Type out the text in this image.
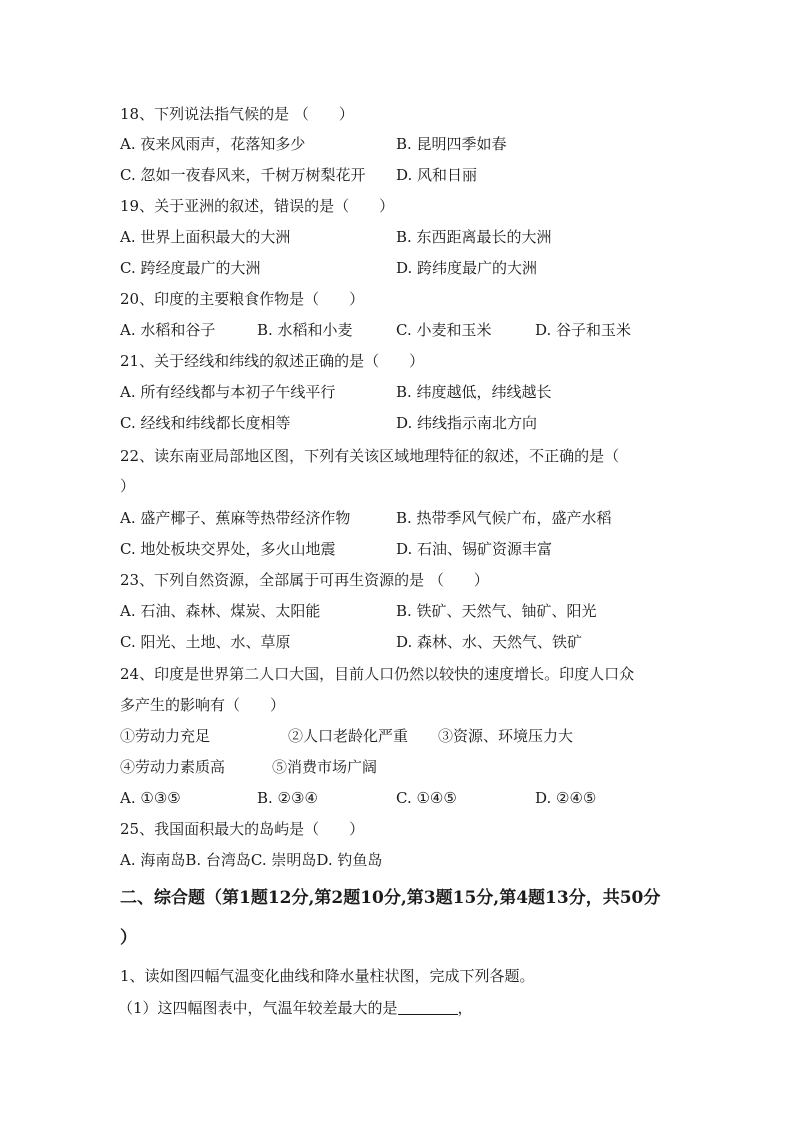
18、下列说法指气候的是 （　　）
A. 夜来风雨声，花落知多少	B. 昆明四季如春
C. 忽如一夜春风来，千树万树梨花开 D. 风和日丽
19、关于亚洲的叙述，错误的是（　　）
A. 世界上面积最大的大洲	B. 东西距离最长的大洲
C. 跨经度最广的大洲	D. 跨纬度最广的大洲
20、印度的主要粮食作物是（　　）
A. 水稻和谷子	B. 水稻和小麦	C. 小麦和玉米	D. 谷子和玉米
21、关于经线和纬线的叙述正确的是（　　）
A. 所有经线都与本初子午线平行	B. 纬度越低，纬线越长
C. 经线和纬线都长度相等	D. 纬线指示南北方向
22、读东南亚局部地区图，下列有关该区域地理特征的叙述，不正确的是（
）
A. 盛产椰子、蕉麻等热带经济作物	B. 热带季风气候广布，盛产水稻
C. 地处板块交界处，多火山地震	D. 石油、锡矿资源丰富
23、下列自然资源，全部属于可再生资源的是 （　　）
A. 石油、森林、煤炭、太阳能	B. 铁矿、天然气、铀矿、阳光
C. 阳光、土地、水、草原	D. 森林、水、天然气、铁矿
24、印度是世界第二人口大国，目前人口仍然以较快的速度增长。印度人口众
多产生的影响有（　　）
①劳动力充足	②人口老龄化严重 ③资源、环境压力大
④劳动力素质高	⑤消费市场广阔
A. ①③⑤	B. ②③④	C. ①④⑤	D. ②④⑤
25、我国面积最大的岛屿是（　　）
A. 海南岛B. 台湾岛C. 崇明岛D. 钓鱼岛
二、综合题（第1题12分,第2题10分,第3题15分,第4题13分，共50分
）
1、读如图四幅气温变化曲线和降水量柱状图，完成下列各题。
（1）这四幅图表中，气温年较差最大的是	，
